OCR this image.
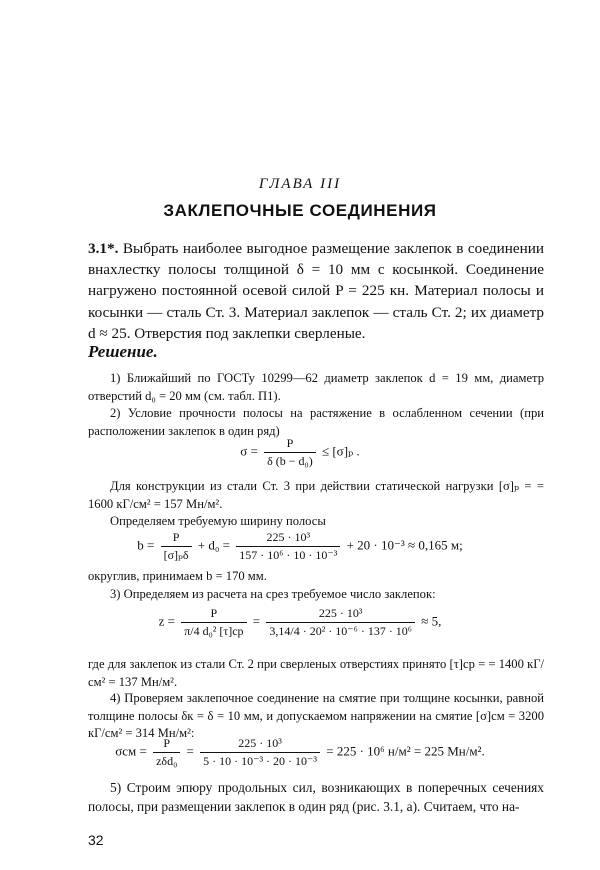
ГЛАВА III
ЗАКЛЕПОЧНЫЕ СОЕДИНЕНИЯ
3.1*. Выбрать наиболее выгодное размещение заклепок в соединении внахлестку полосы толщиной δ = 10 мм с косынкой. Соединение нагружено постоянной осевой силой P = 225 кн. Материал полосы и косынки — сталь Ст. 3. Материал заклепок — сталь Ст. 2; их диаметр d ≈ 25. Отверстия под заклепки сверленые.
Решение.
1) Ближайший по ГОСТу 10299—62 диаметр заклепок d = 19 мм, диаметр отверстий d₀ = 20 мм (см. табл. П1).
2) Условие прочности полосы на растяжение в ослабленном сечении (при расположении заклепок в один ряд)
$\sigma = \frac{P}{\text{δ (b − d₀)}} \le [\sigma]_p$ .
Для конструкции из стали Ст. 3 при действии статической нагрузки [σ]ₚ = = 1600 кГ/см² = 157 Мн/м².
Определяем требуемую ширину полосы
$b = \frac{P}{\text{[σ]ₚδ}} + d_0 = \frac{\text{225 · 10³}}{\text{157 · 10⁶ · 10 · 10⁻³}} + 20 \cdot 10^{-3} \approx 0,165$ м;
округлив, принимаем b = 170 мм.
3) Определяем из расчета на срез требуемое число заклепок:
$z = \frac{P}{\text{π/4 d₀² [τ]ср}} = \frac{\text{225 · 10³}}{\text{3,14/4 · 20² · 10⁻⁶ · 137 · 10⁶}} \approx 5$,
где для заклепок из стали Ст. 2 при сверленых отверстиях принято [τ]ср = = 1400 кГ/см² = 137 Мн/м².
4) Проверяем заклепочное соединение на смятие при толщине косынки, равной толщине полосы δк = δ = 10 мм, и допускаемом напряжении на смятие [σ]см = 3200 кГ/см² = 314 Мн/м²:
$\sigma см = \frac{P}{\text{zδd₀}} = \frac{\text{225 · 10³}}{\text{5 · 10 · 10⁻³ · 20 · 10⁻³}} = 225 \cdot 10^6$ н/м² = 225 Мн/м².
5) Строим эпюру продольных сил, возникающих в поперечных сечениях полосы, при размещении заклепок в один ряд (рис. 3.1, а). Считаем, что на-
32
